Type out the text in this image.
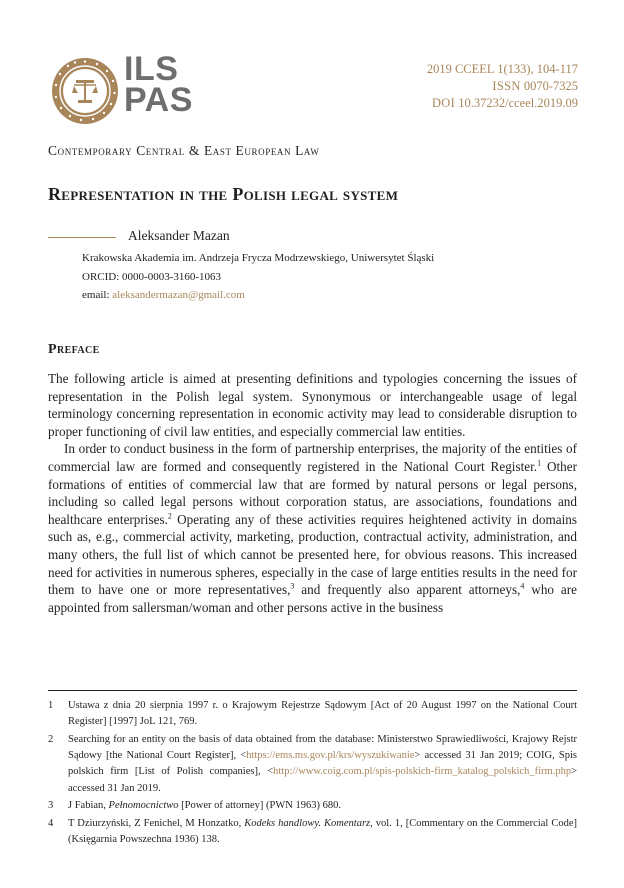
ILS
PAS
2019 CCEEL 1(133), 104-117
ISSN 0070-7325
DOI 10.37232/cceel.2019.09
Contemporary Central & East European Law
Representation in the Polish legal system
Aleksander Mazan
Krakowska Akademia im. Andrzeja Frycza Modrzewskiego, Uniwersytet Śląski
ORCID: 0000-0003-3160-1063
email: aleksandermazan@gmail.com
Preface

The following article is aimed at presenting definitions and typologies concerning the issues of representation in the Polish legal system. Synonymous or interchangeable usage of legal terminology concerning representation in economic activity may lead to considerable disruption to proper functioning of civil law entities, and especially commercial law entities.

In order to conduct business in the form of partnership enterprises, the majority of the entities of commercial law are formed and consequently registered in the National Court Register.$^1$ Other formations of entities of commercial law that are formed by natural persons or legal persons, including so called legal persons without corporation status, are associations, foundations and healthcare enterprises.$^2$ Operating any of these activities requires heightened activity in domains such as, e.g., commercial activity, marketing, production, contractual activity, administration, and many others, the full list of which cannot be presented here, for obvious reasons. This increased need for activities in numerous spheres, especially in the case of large entities results in the need for them to have one or more representatives,$^3$ and frequently also apparent attorneys,$^4$ who are appointed from sallersman/woman and other persons active in the business

1	Ustawa z dnia 20 sierpnia 1997 r. o Krajowym Rejestrze Sądowym [Act of 20 August 1997 on the National Court Register] [1997] JoL 121, 769.
2	Searching for an entity on the basis of data obtained from the database: Ministerstwo Sprawiedliwości, Krajowy Rejstr Sądowy [the National Court Register], <https://ems.ms.gov.pl/krs/wyszukiwanie> accessed 31 Jan 2019; COIG, Spis polskich firm [List of Polish companies], <http://www.coig.com.pl/spis-polskich-firm_katalog_polskich_firm.php> accessed 31 Jan 2019.
3	J Fabian, Pełnomocnictwo [Power of attorney] (PWN 1963) 680.
4	T Dziurzyński, Z Fenichel, M Honzatko, Kodeks handlowy. Komentarz, vol. 1, [Commentary on the Commercial Code] (Księgarnia Powszechna 1936) 138.
